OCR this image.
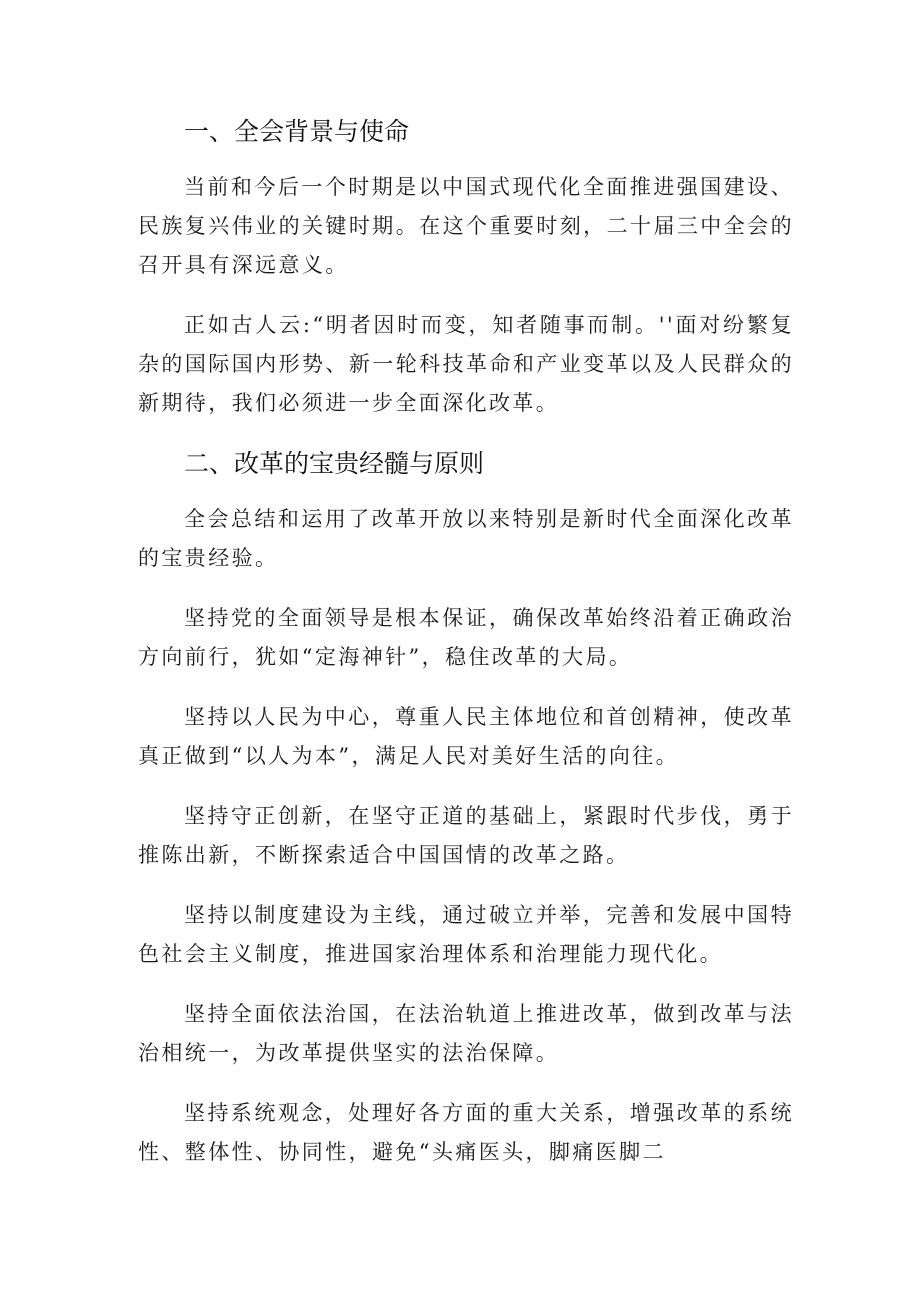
一、全会背景与使命

当前和今后一个时期是以中国式现代化全面推进强国建设、民族复兴伟业的关键时期。在这个重要时刻，二十届三中全会的召开具有深远意义。

正如古人云:“明者因时而变，知者随事而制。''面对纷繁复杂的国际国内形势、新一轮科技革命和产业变革以及人民群众的新期待，我们必须进一步全面深化改革。

二、改革的宝贵经髓与原则

全会总结和运用了改革开放以来特别是新时代全面深化改革的宝贵经验。

坚持党的全面领导是根本保证，确保改革始终沿着正确政治方向前行，犹如“定海神针”，稳住改革的大局。

坚持以人民为中心，尊重人民主体地位和首创精神，使改革真正做到“以人为本”，满足人民对美好生活的向往。

坚持守正创新，在坚守正道的基础上，紧跟时代步伐，勇于推陈出新，不断探索适合中国国情的改革之路。

坚持以制度建设为主线，通过破立并举，完善和发展中国特色社会主义制度，推进国家治理体系和治理能力现代化。

坚持全面依法治国，在法治轨道上推进改革，做到改革与法治相统一，为改革提供坚实的法治保障。

坚持系统观念，处理好各方面的重大关系，增强改革的系统性、整体性、协同性，避免“头痛医头，脚痛医脚二
